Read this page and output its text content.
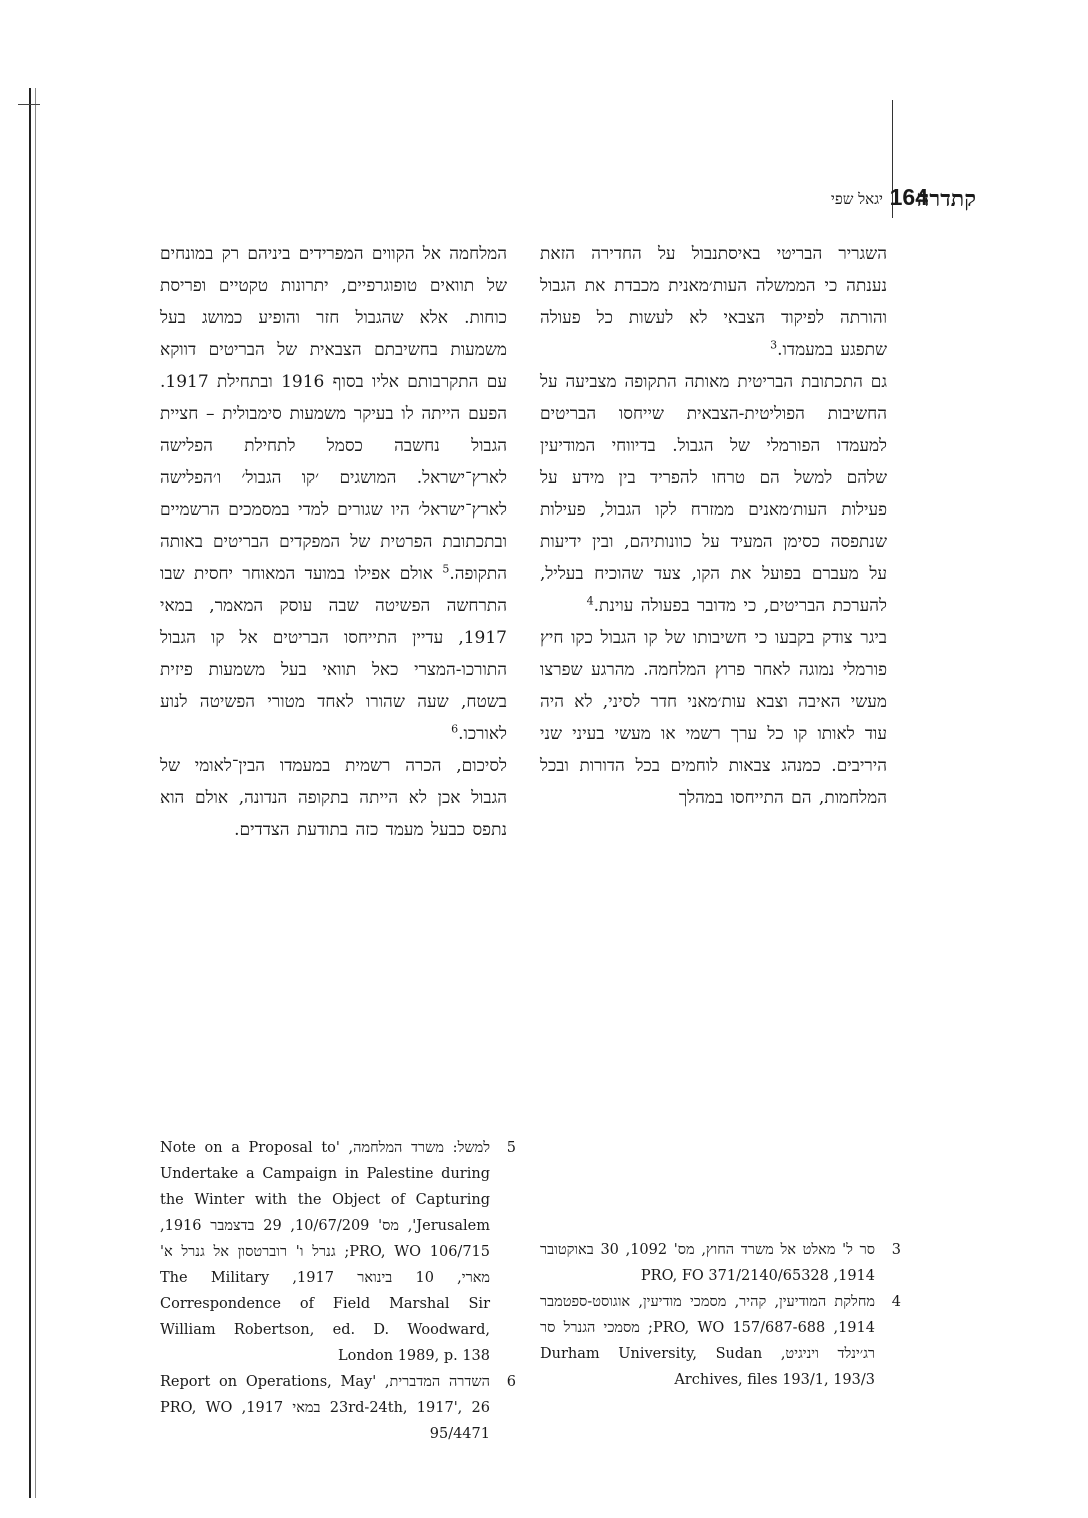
קתדרה
164
יגאל שפי

השגריר הבריטי באיסתנבול על החדירה הזאת נענתה כי הממשלה העות׳מאנית מכבדת את הגבול והורתה לפיקוד הצבאי לא לעשות כל פעולה שתפגע במעמדו.$^3$

גם התכתובת הבריטית מאותה התקופה מצביעה על החשיבות הפוליטית-הצבאית שייחסו הבריטים למעמדו הפורמלי של הגבול. בדיווחי המודיעין שלהם למשל הם טרחו להפריד בין מידע על פעילות העות׳מאנים ממזרח לקו הגבול, פעילות שנתפסה כסימן המעיד על כוונותיהם, ובין ידיעות על מעברם בפועל את הקו, צעד שהוכיח בעליל, להערכת הבריטים, כי מדובר בפעולה עוינת.$^4$

ביגר צודק בקבעו כי חשיבותו של קו הגבול כקו חיץ פורמלי נמוגה לאחר פרוץ המלחמה. מהרגע שפרצו מעשי האיבה וצבא עות׳מאני חדר לסיני, לא היה עוד לאותו קו כל ערך רשמי או מעשי בעיני שני היריבים. כמנהג צבאות לוחמים בכל הדורות ובכל המלחמות, הם התייחסו במהלך

המלחמה אל הקווים המפרידים ביניהם רק במונחים של תוואים טופוגרפיים, יתרונות טקטיים ופריסת כוחות. אלא שהגבול חזר והופיע כמושג בעל משמעות בחשיבתם הצבאית של הבריטים דווקא עם התקרבותם אליו בסוף 1916 ובתחילת 1917. הפעם הייתה לו בעיקר משמעות סימבולית – חציית הגבול נחשבה כסמל לתחילת הפלישה לארץ־ישראל. המושגים ׳קו הגבול׳ ו׳הפלישה לארץ־ישראל׳ היו שגורים למדי במסמכים הרשמיים ובתכתובת הפרטית של המפקדים הבריטים באותה התקופה.$^5$ אולם אפילו במועד המאוחר יחסית שבו התרחשה הפשיטה שבה עוסק המאמר, במאי 1917, עדיין התייחסו הבריטים אל קו הגבול התורכו-המצרי כאל תוואי בעל משמעות פיזית בשטח, שעה שהורו לאחד מטורי הפשיטה לנוע לאורכו.$^6$

לסיכום, הכרה רשמית במעמדו הבין־לאומי של הגבול אכן לא הייתה בתקופה הנדונה, אולם הוא נתפס כבעל מעמד כזה בתודעת הצדדים.

5
למשל: משרד המלחמה, 'Note on a Proposal to Undertake a Campaign in Palestine during the Winter with the Object of Capturing Jerusalem', מס' 10/67/209, 29 בדצמבר 1916, PRO, WO 106/715; גנרל ו' רוברטסון אל גנרל א' מארי, 10 בינואר 1917, The Military Correspondence of Field Marshal Sir William Robertson, ed. D. Woodward, London 1989, p. 138
6
השדרה המדברית, 'Report on Operations, May 23rd-24th, 1917', 26 במאי 1917, PRO, WO 95/4471
3
סר ל' מאלט אל משרד החוץ, מס' 1092, 30 באוקטובר 1914, PRO, FO 371/2140/65328
4
מחלקת המודיעין, קהיר, מסמכי מודיעין, אוגוסט-ספטמבר 1914, PRO, WO 157/687-688; מסמכי הגנרל סר רג׳ינלד ויניגיט, Durham University, Sudan Archives, files 193/1, 193/3
